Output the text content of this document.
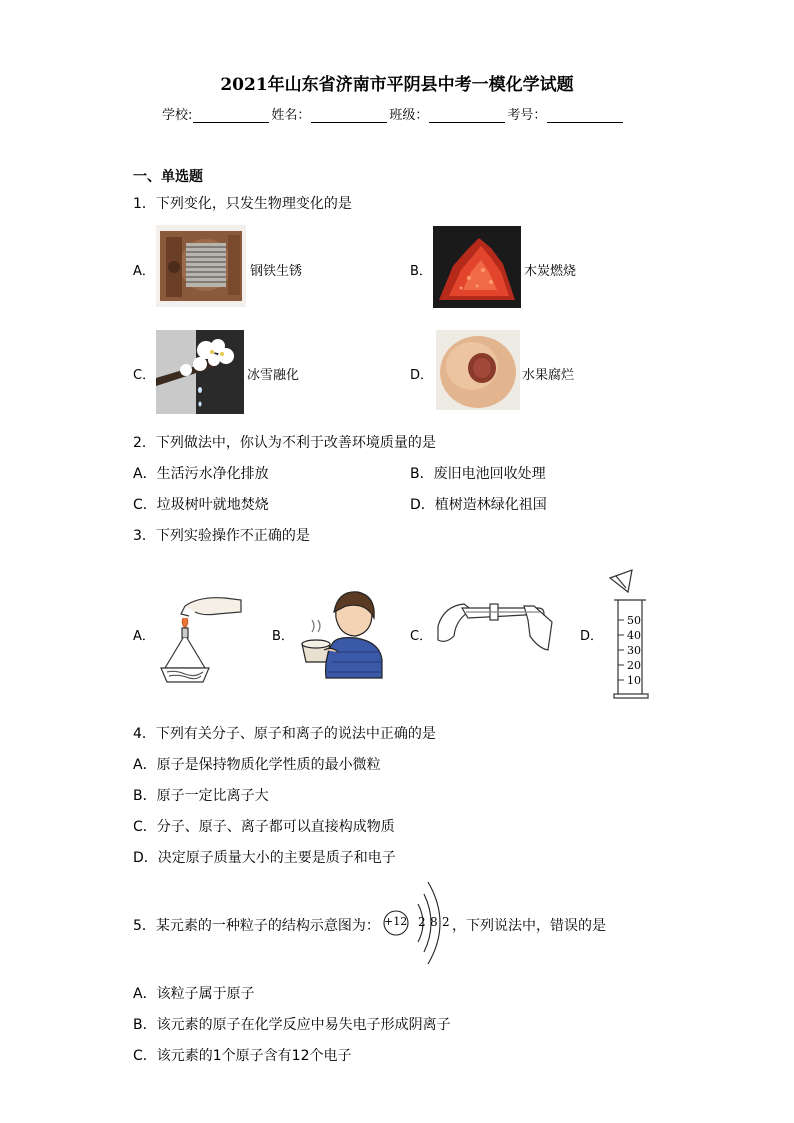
2021年山东省济南市平阴县中考一模化学试题
学校:	姓名：	班级：	考号：
一、单选题
1．下列变化，只发生物理变化的是
A．	钢铁生锈	B．	木炭燃烧
C．	冰雪融化	D．	水果腐烂
2．下列做法中，你认为不利于改善环境质量的是
A．生活污水净化排放	B．废旧电池回收处理
C．垃圾树叶就地焚烧	D．植树造林绿化祖国
3．下列实验操作不正确的是
A．	B．	C．	D．
50
40
30
20
10
4．下列有关分子、原子和离子的说法中正确的是
A．原子是保持物质化学性质的最小微粒
B．原子一定比离子大
C．分子、原子、离子都可以直接构成物质
D．决定原子质量大小的主要是质子和电子
5．某元素的一种粒子的结构示意图为： +12 2 8 2 ，下列说法中，错误的是
A．该粒子属于原子
B．该元素的原子在化学反应中易失电子形成阴离子
C．该元素的1个原子含有12个电子
